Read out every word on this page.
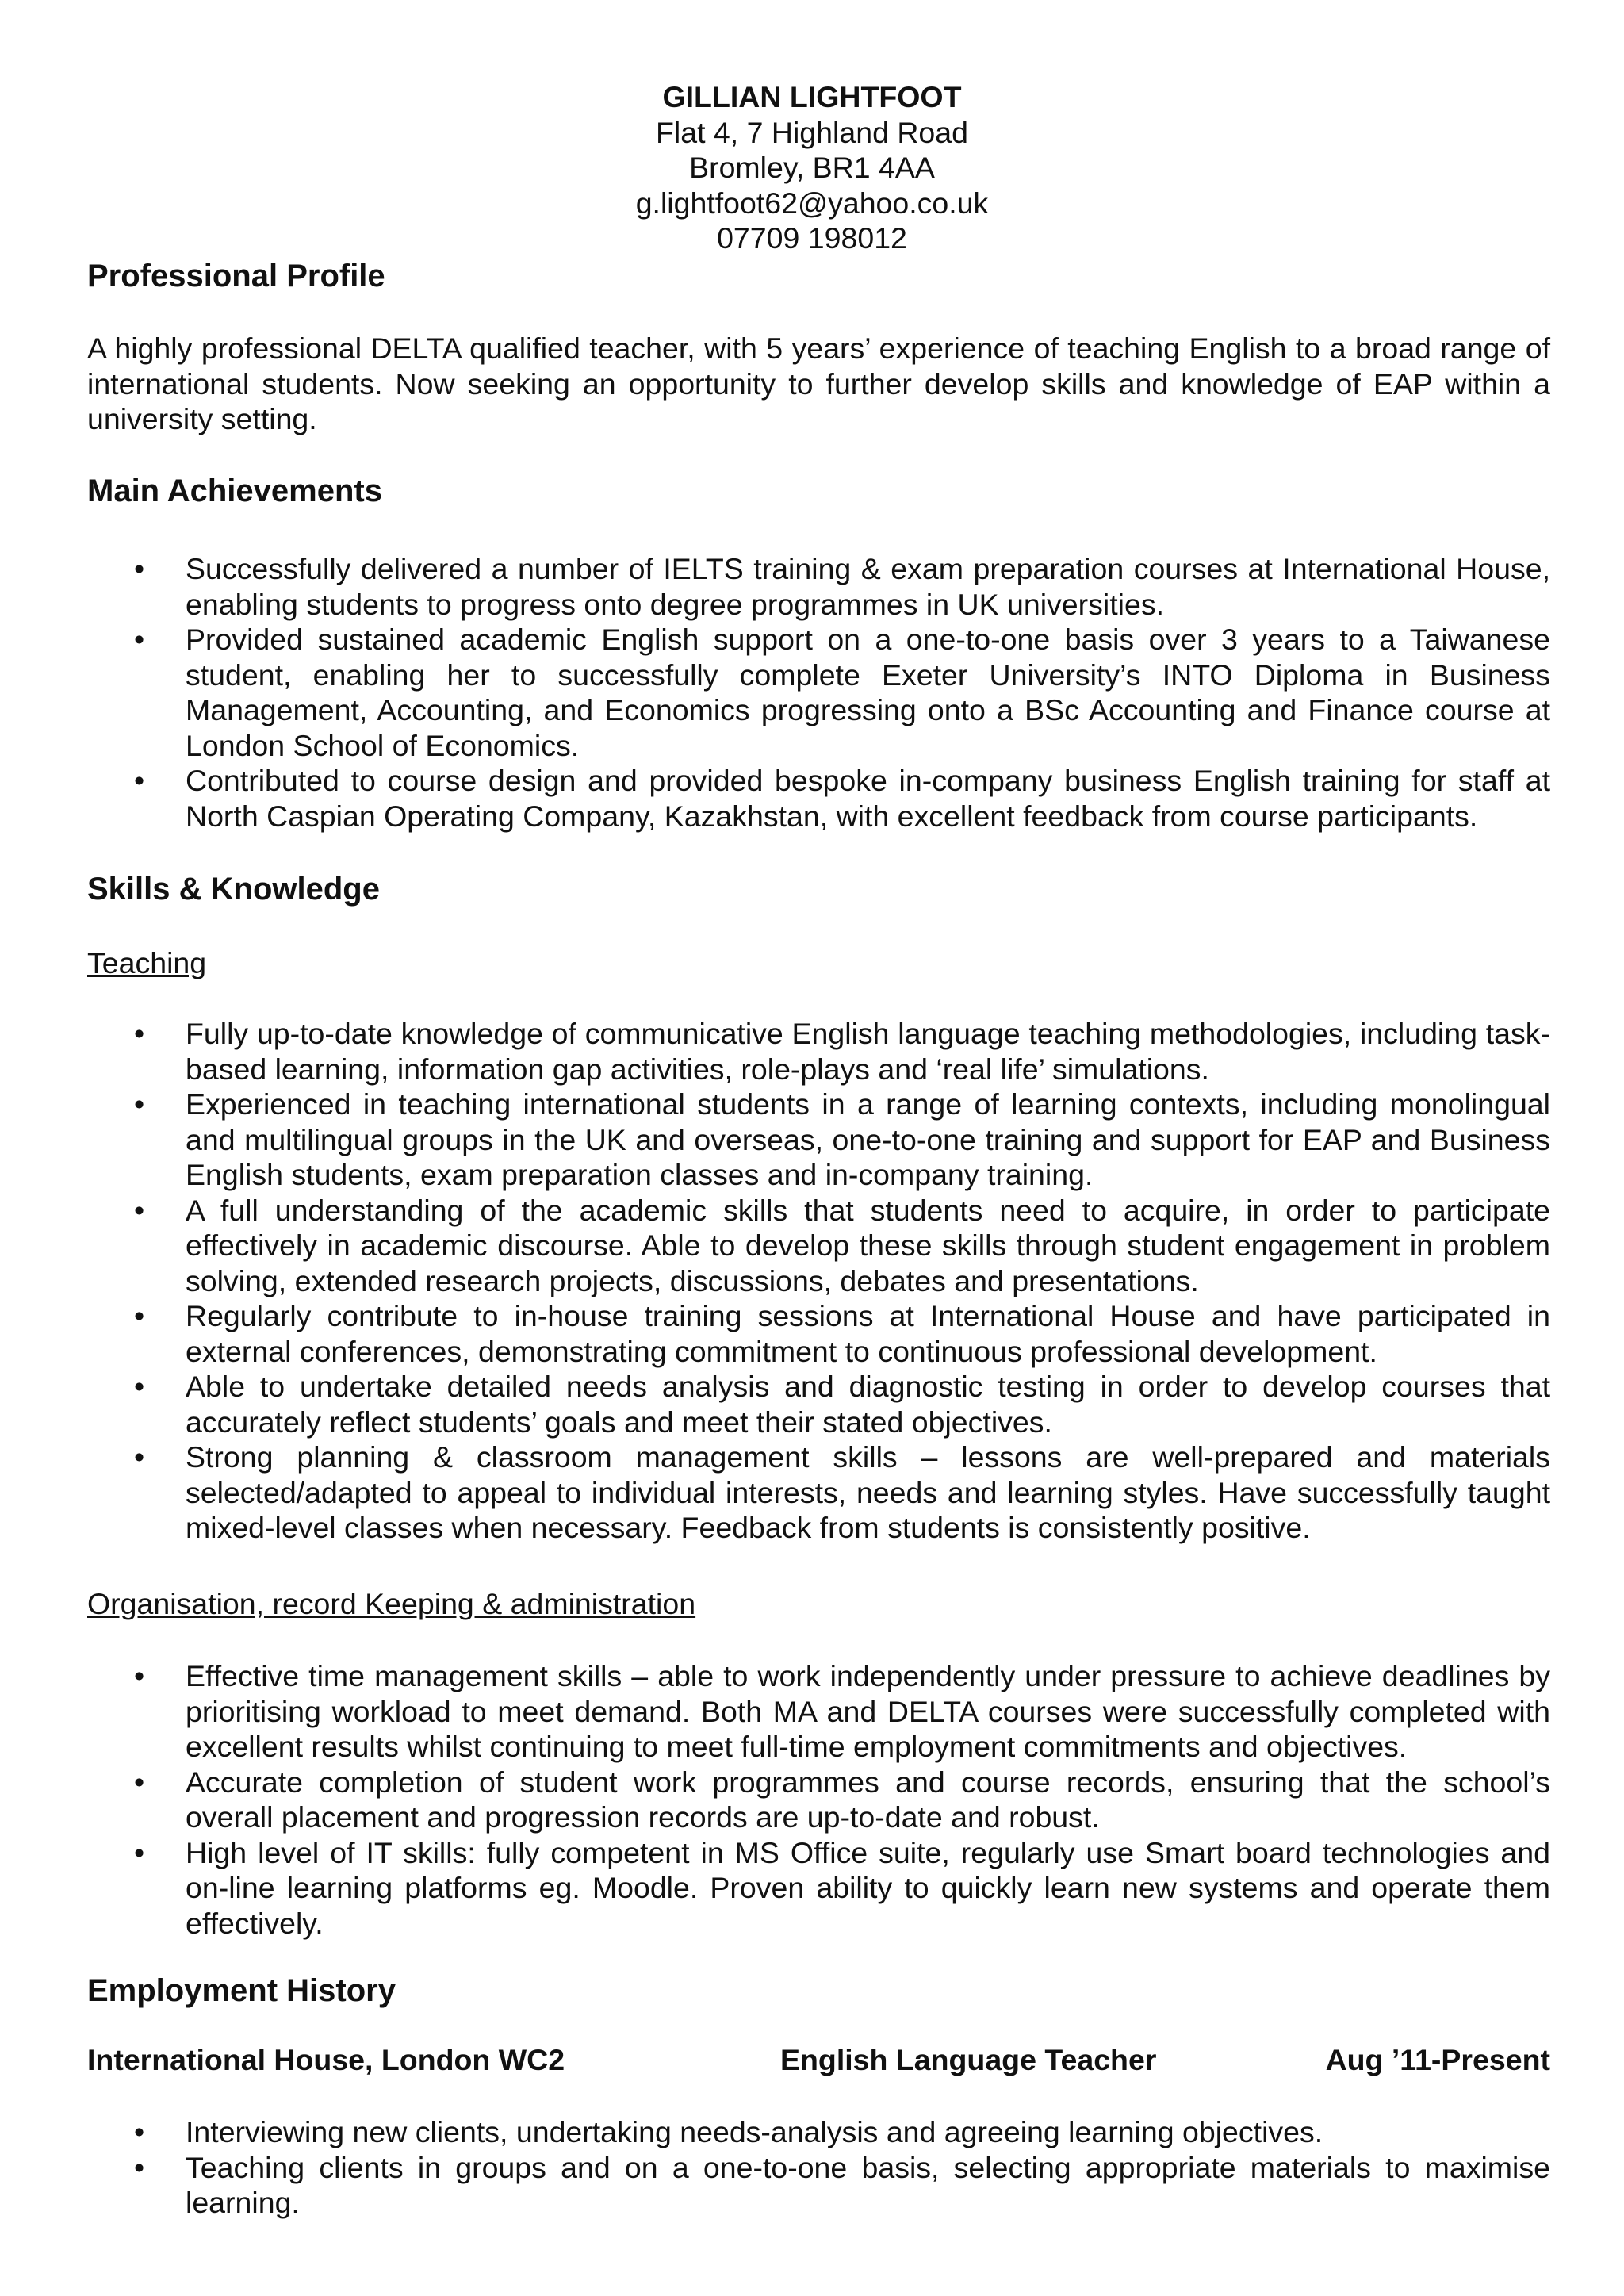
GILLIAN LIGHTFOOT
Flat 4, 7 Highland Road
Bromley, BR1 4AA
g.lightfoot62@yahoo.co.uk
07709 198012
Professional Profile
A highly professional DELTA qualified teacher, with 5 years’ experience of teaching English to a broad range of international students. Now seeking an opportunity to further develop skills and knowledge of EAP within a university setting.
Main Achievements
• Successfully delivered a number of IELTS training & exam preparation courses at International House, enabling students to progress onto degree programmes in UK universities.
• Provided sustained academic English support on a one-to-one basis over 3 years to a Taiwanese student, enabling her to successfully complete Exeter University’s INTO Diploma in Business Management, Accounting, and Economics progressing onto a BSc Accounting and Finance course at London School of Economics.
• Contributed to course design and provided bespoke in-company business English training for staff at North Caspian Operating Company, Kazakhstan, with excellent feedback from course participants.
Skills & Knowledge
Teaching
• Fully up-to-date knowledge of communicative English language teaching methodologies, including task-based learning, information gap activities, role-plays and ‘real life’ simulations.
• Experienced in teaching international students in a range of learning contexts, including monolingual and multilingual groups in the UK and overseas, one-to-one training and support for EAP and Business English students, exam preparation classes and in-company training.
• A full understanding of the academic skills that students need to acquire, in order to participate effectively in academic discourse. Able to develop these skills through student engagement in problem solving, extended research projects, discussions, debates and presentations.
• Regularly contribute to in-house training sessions at International House and have participated in external conferences, demonstrating commitment to continuous professional development.
• Able to undertake detailed needs analysis and diagnostic testing in order to develop courses that accurately reflect students’ goals and meet their stated objectives.
• Strong planning & classroom management skills – lessons are well-prepared and materials selected/adapted to appeal to individual interests, needs and learning styles. Have successfully taught mixed-level classes when necessary. Feedback from students is consistently positive.
Organisation, record Keeping & administration
• Effective time management skills – able to work independently under pressure to achieve deadlines by prioritising workload to meet demand. Both MA and DELTA courses were successfully completed with excellent results whilst continuing to meet full-time employment commitments and objectives.
• Accurate completion of student work programmes and course records, ensuring that the school’s overall placement and progression records are up-to-date and robust.
• High level of IT skills: fully competent in MS Office suite, regularly use Smart board technologies and on-line learning platforms eg. Moodle. Proven ability to quickly learn new systems and operate them effectively.
Employment History
International House, London WC2	English Language Teacher	Aug ’11-Present
• Interviewing new clients, undertaking needs-analysis and agreeing learning objectives.
• Teaching clients in groups and on a one-to-one basis, selecting appropriate materials to maximise learning.
